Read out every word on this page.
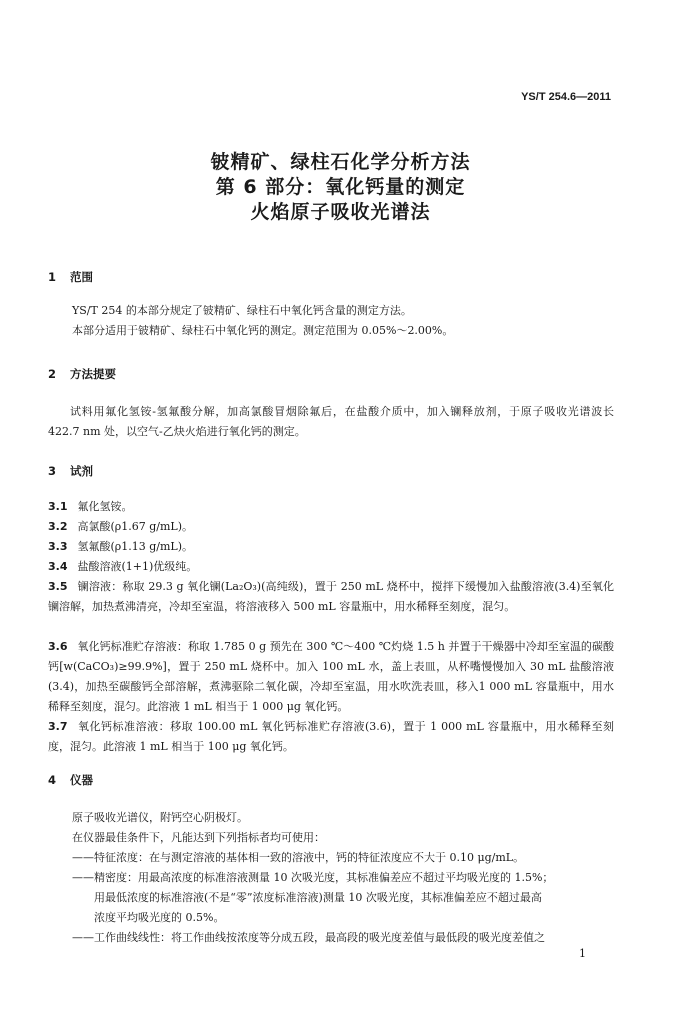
YS/T 254.6—2011
铍精矿、绿柱石化学分析方法
第 6 部分：氧化钙量的测定
火焰原子吸收光谱法
1 范围
YS/T 254 的本部分规定了铍精矿、绿柱石中氧化钙含量的测定方法。
本部分适用于铍精矿、绿柱石中氧化钙的测定。测定范围为 0.05%～2.00%。
2 方法提要
试料用氟化氢铵-氢氟酸分解，加高氯酸冒烟除氟后，在盐酸介质中，加入镧释放剂，于原子吸收光谱波长 422.7 nm 处，以空气-乙炔火焰进行氧化钙的测定。
3 试剂
3.1 氟化氢铵。
3.2 高氯酸(ρ1.67 g/mL)。
3.3 氢氟酸(ρ1.13 g/mL)。
3.4 盐酸溶液(1+1)优级纯。
3.5 镧溶液：称取 29.3 g 氧化镧(La₂O₃)(高纯级)，置于 250 mL 烧杯中，搅拌下缓慢加入盐酸溶液(3.4)至氧化镧溶解，加热煮沸清亮，冷却至室温，将溶液移入 500 mL 容量瓶中，用水稀释至刻度，混匀。
3.6 氧化钙标准贮存溶液：称取 1.785 0 g 预先在 300 ℃～400 ℃灼烧 1.5 h 并置于干燥器中冷却至室温的碳酸钙[w(CaCO₃)≥99.9%]，置于 250 mL 烧杯中。加入 100 mL 水，盖上表皿，从杯嘴慢慢加入 30 mL 盐酸溶液(3.4)，加热至碳酸钙全部溶解，煮沸驱除二氧化碳，冷却至室温，用水吹洗表皿，移入1 000 mL 容量瓶中，用水稀释至刻度，混匀。此溶液 1 mL 相当于 1 000 μg 氧化钙。
3.7 氧化钙标准溶液：移取 100.00 mL 氧化钙标准贮存溶液(3.6)，置于 1 000 mL 容量瓶中，用水稀释至刻度，混匀。此溶液 1 mL 相当于 100 μg 氧化钙。
4 仪器
原子吸收光谱仪，附钙空心阴极灯。
在仪器最佳条件下，凡能达到下列指标者均可使用：
——特征浓度：在与测定溶液的基体相一致的溶液中，钙的特征浓度应不大于 0.10 μg/mL。
——精密度：用最高浓度的标准溶液测量 10 次吸光度，其标准偏差应不超过平均吸光度的 1.5%；
用最低浓度的标准溶液(不是“零”浓度标准溶液)测量 10 次吸光度，其标准偏差应不超过最高
浓度平均吸光度的 0.5%。
——工作曲线线性：将工作曲线按浓度等分成五段，最高段的吸光度差值与最低段的吸光度差值之
1
